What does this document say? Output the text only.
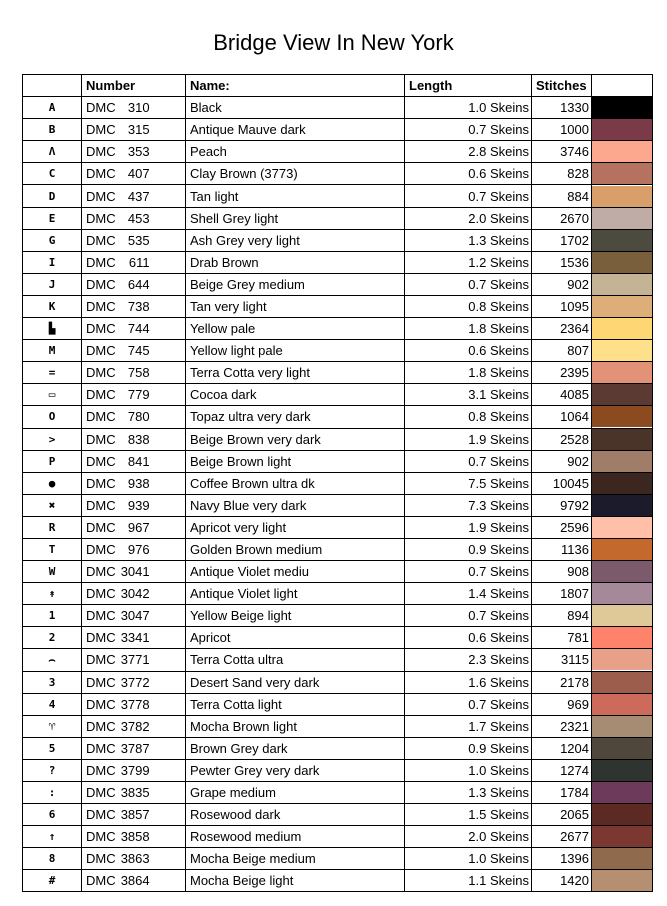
Bridge View In New York
	Number	Name:	Length	Stitches	
A	DMC 310	Black	1.0 Skeins	1330	

B	DMC 315	Antique Mauve dark	0.7 Skeins	1000	

Λ	DMC 353	Peach	2.8 Skeins	3746	

C	DMC 407	Clay Brown (3773)	0.6 Skeins	828	

D	DMC 437	Tan light	0.7 Skeins	884	

E	DMC 453	Shell Grey light	2.0 Skeins	2670	

G	DMC 535	Ash Grey very light	1.3 Skeins	1702	

I	DMC 611	Drab Brown	1.2 Skeins	1536	

J	DMC 644	Beige Grey medium	0.7 Skeins	902	

K	DMC 738	Tan very light	0.8 Skeins	1095	

▙	DMC 744	Yellow pale	1.8 Skeins	2364	

M	DMC 745	Yellow light pale	0.6 Skeins	807	

=	DMC 758	Terra Cotta very light	1.8 Skeins	2395	

▭	DMC 779	Cocoa dark	3.1 Skeins	4085	

O	DMC 780	Topaz ultra very dark	0.8 Skeins	1064	

>	DMC 838	Beige Brown very dark	1.9 Skeins	2528	

P	DMC 841	Beige Brown light	0.7 Skeins	902	

●	DMC 938	Coffee Brown ultra dk	7.5 Skeins	10045	

✖	DMC 939	Navy Blue very dark	7.3 Skeins	9792	

R	DMC 967	Apricot very light	1.9 Skeins	2596	

T	DMC 976	Golden Brown medium	0.9 Skeins	1136	

W	DMC 3041	Antique Violet mediu	0.7 Skeins	908	

↟	DMC 3042	Antique Violet light	1.4 Skeins	1807	

1	DMC 3047	Yellow Beige light	0.7 Skeins	894	

2	DMC 3341	Apricot	0.6 Skeins	781	

⌢	DMC 3771	Terra Cotta ultra	2.3 Skeins	3115	

3	DMC 3772	Desert Sand very dark	1.6 Skeins	2178	

4	DMC 3778	Terra Cotta light	0.7 Skeins	969	

♈	DMC 3782	Mocha Brown light	1.7 Skeins	2321	

5	DMC 3787	Brown Grey dark	0.9 Skeins	1204	

?	DMC 3799	Pewter Grey very dark	1.0 Skeins	1274	

:	DMC 3835	Grape medium	1.3 Skeins	1784	

6	DMC 3857	Rosewood dark	1.5 Skeins	2065	

↑	DMC 3858	Rosewood medium	2.0 Skeins	2677	

8	DMC 3863	Mocha Beige medium	1.0 Skeins	1396	

#	DMC 3864	Mocha Beige light	1.1 Skeins	1420	
